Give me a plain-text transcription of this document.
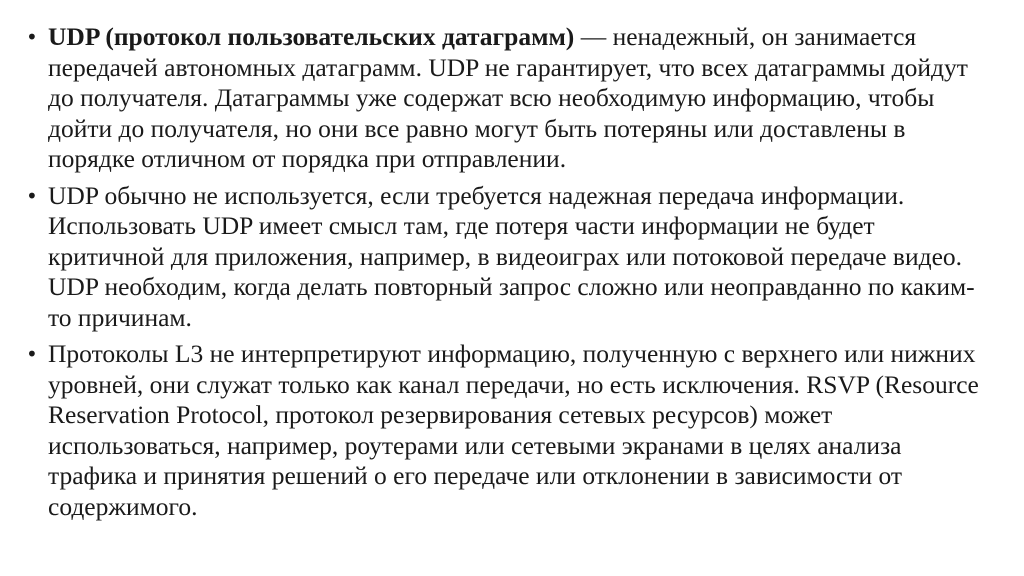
• UDP (протокол пользовательских датаграмм) — ненадежный, он занимается передачей автономных датаграмм. UDP не гарантирует, что всех датаграммы дойдут до получателя. Датаграммы уже содержат всю необходимую информацию, чтобы дойти до получателя, но они все равно могут быть потеряны или доставлены в порядке отличном от порядка при отправлении.
• UDP обычно не используется, если требуется надежная передача информации. Использовать UDP имеет смысл там, где потеря части информации не будет критичной для приложения, например, в видеоиграх или потоковой передаче видео. UDP необходим, когда делать повторный запрос сложно или неоправданно по каким-то причинам.
• Протоколы L3 не интерпретируют информацию, полученную с верхнего или нижних уровней, они служат только как канал передачи, но есть исключения. RSVP (Resource Reservation Protocol, протокол резервирования сетевых ресурсов) может использоваться, например, роутерами или сетевыми экранами в целях анализа трафика и принятия решений о его передаче или отклонении в зависимости от содержимого.
